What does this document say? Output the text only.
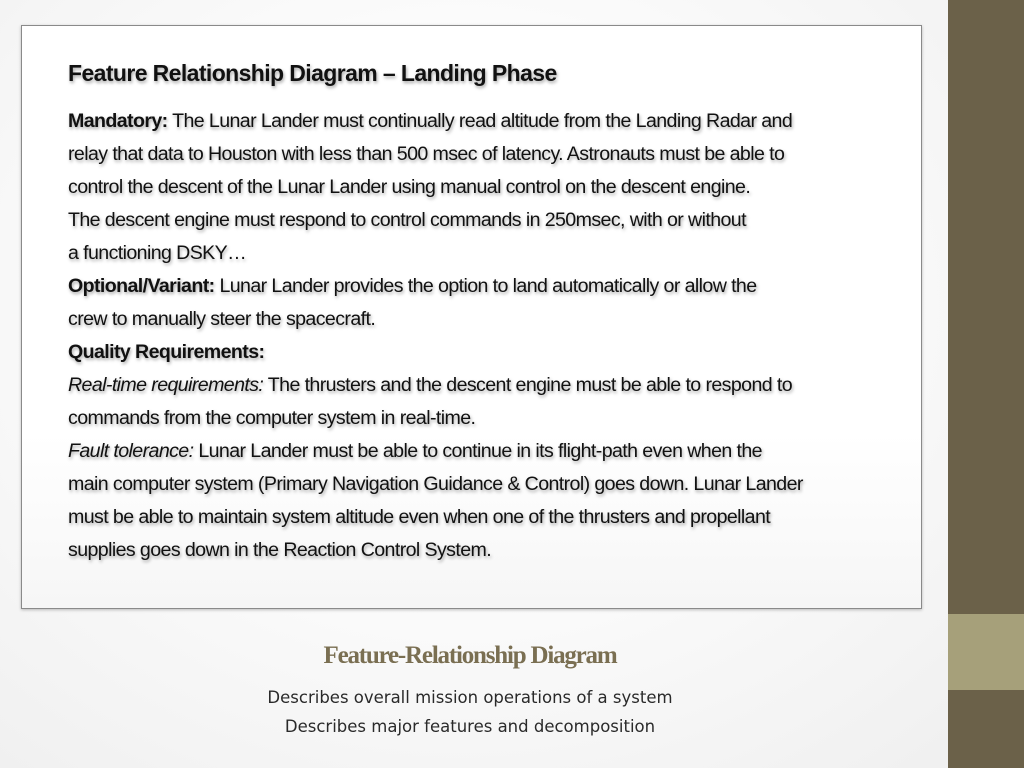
Feature Relationship Diagram – Landing Phase

Mandatory: The Lunar Lander must continually read altitude from the Landing Radar and

relay that data to Houston with less than 500 msec of latency. Astronauts must be able to

control the descent of the Lunar Lander using manual control on the descent engine.

The descent engine must respond to control commands in 250msec, with or without

a functioning DSKY…

Optional/Variant: Lunar Lander provides the option to land automatically or allow the

crew to manually steer the spacecraft.

Quality Requirements:

Real-time requirements: The thrusters and the descent engine must be able to respond to

commands from the computer system in real-time.

Fault tolerance: Lunar Lander must be able to continue in its flight-path even when the

main computer system (Primary Navigation Guidance & Control) goes down. Lunar Lander

must be able to maintain system altitude even when one of the thrusters and propellant

supplies goes down in the Reaction Control System.

Feature-Relationship Diagram
Describes overall mission operations of a system
Describes major features and decomposition
